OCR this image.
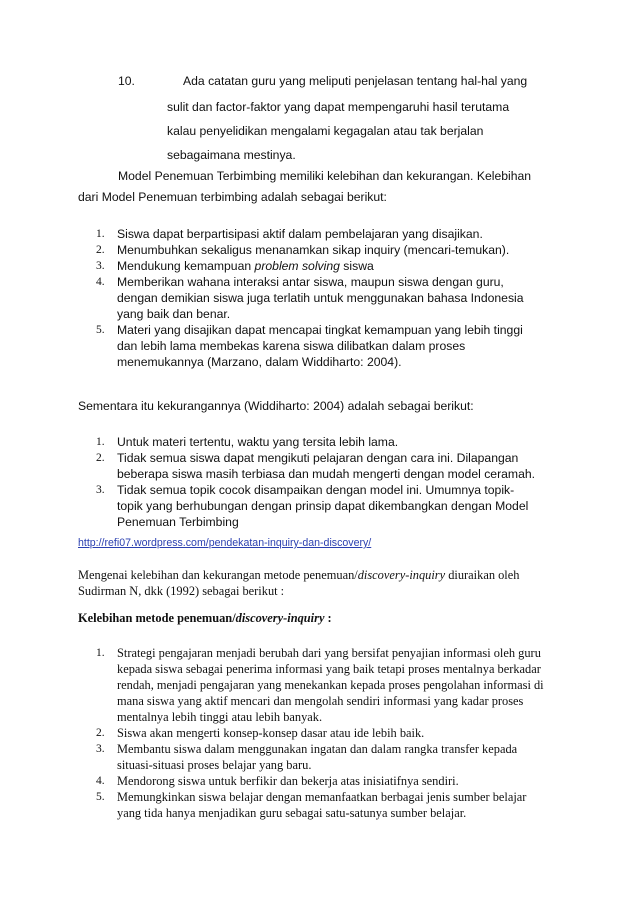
10.	Ada catatan guru yang meliputi penjelasan tentang hal-hal yang
sulit dan factor-faktor yang dapat mempengaruhi hasil terutama
kalau penyelidikan mengalami kegagalan atau tak berjalan
sebagaimana mestinya.
Model Penemuan Terbimbing memiliki kelebihan dan kekurangan. Kelebihan
dari Model Penemuan terbimbing adalah sebagai berikut:
1. Siswa dapat berpartisipasi aktif dalam pembelajaran yang disajikan.
2. Menumbuhkan sekaligus menanamkan sikap inquiry (mencari-temukan).
3. Mendukung kemampuan problem solving siswa
4. Memberikan wahana interaksi antar siswa, maupun siswa dengan guru,
dengan demikian siswa juga terlatih untuk menggunakan bahasa Indonesia
yang baik dan benar.
5. Materi yang disajikan dapat mencapai tingkat kemampuan yang lebih tinggi
dan lebih lama membekas karena siswa dilibatkan dalam proses
menemukannya (Marzano, dalam Widdiharto: 2004).
Sementara itu kekurangannya (Widdiharto: 2004) adalah sebagai berikut:
1. Untuk materi tertentu, waktu yang tersita lebih lama.
2. Tidak semua siswa dapat mengikuti pelajaran dengan cara ini. Dilapangan
beberapa siswa masih terbiasa dan mudah mengerti dengan model ceramah.
3. Tidak semua topik cocok disampaikan dengan model ini. Umumnya topik-
topik yang berhubungan dengan prinsip dapat dikembangkan dengan Model
Penemuan Terbimbing
http://refi07.wordpress.com/pendekatan-inquiry-dan-discovery/
Mengenai kelebihan dan kekurangan metode penemuan/discovery-inquiry diuraikan oleh
Sudirman N, dkk (1992) sebagai berikut :
Kelebihan metode penemuan/discovery-inquiry :
1. Strategi pengajaran menjadi berubah dari yang bersifat penyajian informasi oleh guru
kepada siswa sebagai penerima informasi yang baik tetapi proses mentalnya berkadar
rendah, menjadi pengajaran yang menekankan kepada proses pengolahan informasi di
mana siswa yang aktif mencari dan mengolah sendiri informasi yang kadar proses
mentalnya lebih tinggi atau lebih banyak.
2. Siswa akan mengerti konsep-konsep dasar atau ide lebih baik.
3. Membantu siswa dalam menggunakan ingatan dan dalam rangka transfer kepada
situasi-situasi proses belajar yang baru.
4. Mendorong siswa untuk berfikir dan bekerja atas inisiatifnya sendiri.
5. Memungkinkan siswa belajar dengan memanfaatkan berbagai jenis sumber belajar
yang tida hanya menjadikan guru sebagai satu-satunya sumber belajar.
